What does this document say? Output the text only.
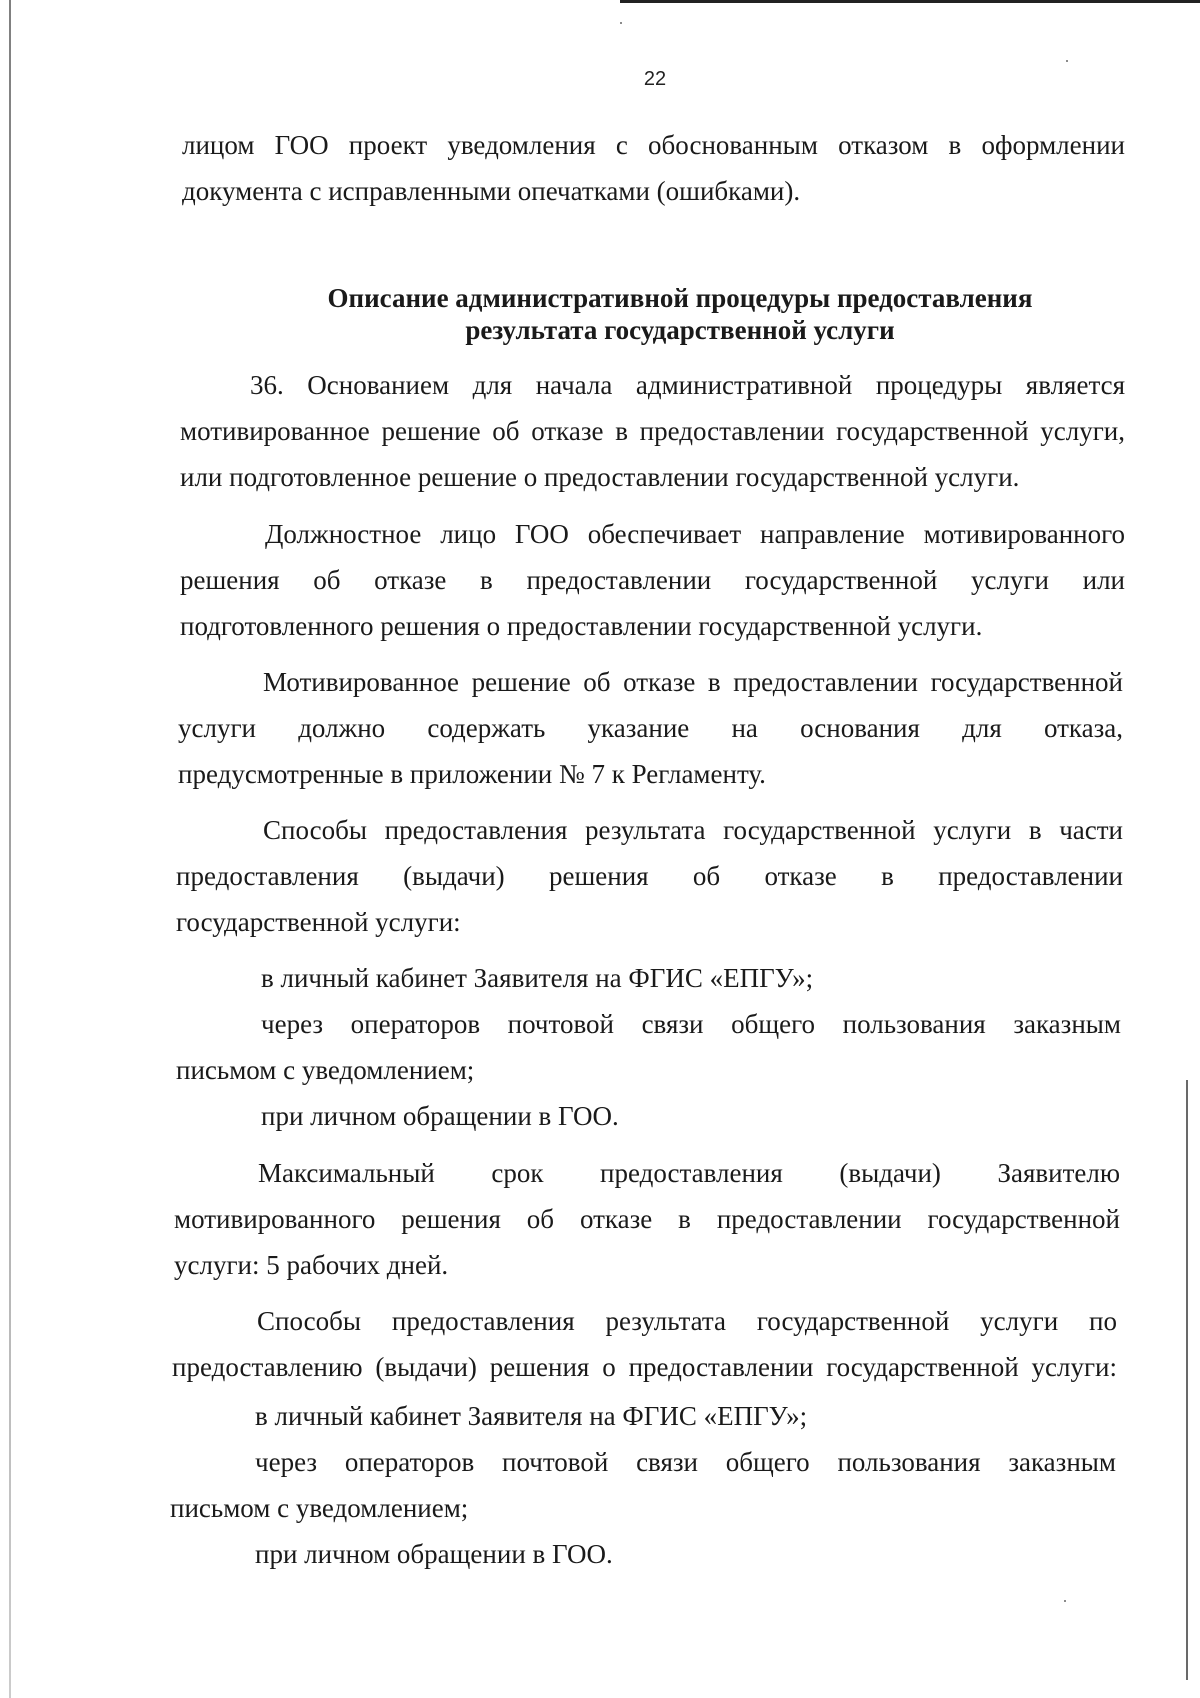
22
лицом ГОО проект уведомления с обоснованным отказом в оформлении
документа с исправленными опечатками (ошибками).
Описание административной процедуры предоставления
результата государственной услуги
36. Основанием для начала административной процедуры является
мотивированное решение об отказе в предоставлении государственной услуги,
или подготовленное решение о предоставлении государственной услуги.
Должностное лицо ГОО обеспечивает направление мотивированного
решения об отказе в предоставлении государственной услуги или
подготовленного решения о предоставлении государственной услуги.
Мотивированное решение об отказе в предоставлении государственной
услуги должно содержать указание на основания для отказа,
предусмотренные в приложении № 7 к Регламенту.
Способы предоставления результата государственной услуги в части
предоставления (выдачи) решения об отказе в предоставлении
государственной услуги:
в личный кабинет Заявителя на ФГИС «ЕПГУ»;
через операторов почтовой связи общего пользования заказным
письмом с уведомлением;
при личном обращении в ГОО.
Максимальный срок предоставления (выдачи) Заявителю
мотивированного решения об отказе в предоставлении государственной
услуги: 5 рабочих дней.
Способы предоставления результата государственной услуги по
предоставлению (выдачи) решения о предоставлении государственной услуги:
в личный кабинет Заявителя на ФГИС «ЕПГУ»;
через операторов почтовой связи общего пользования заказным
письмом с уведомлением;
при личном обращении в ГОО.
